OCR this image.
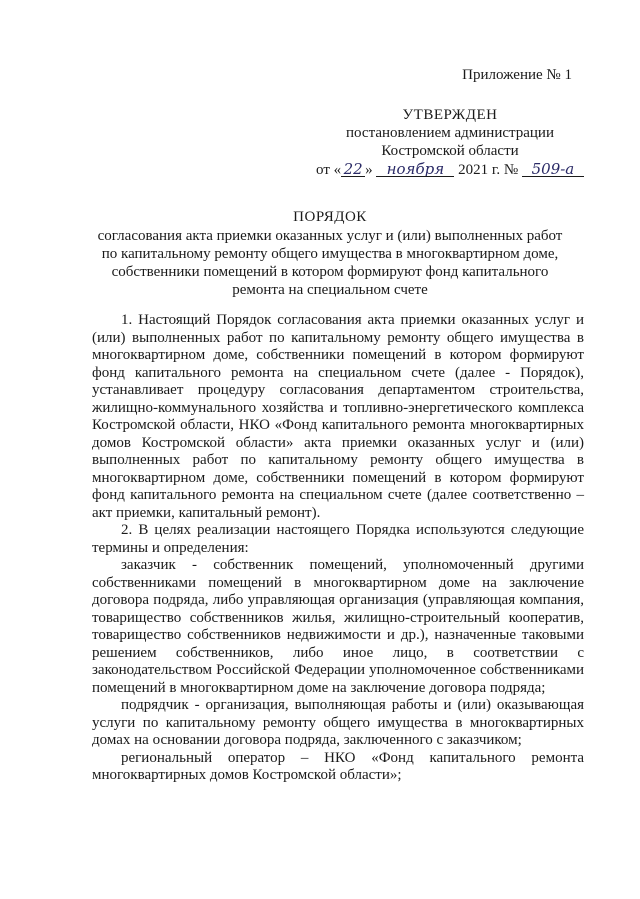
Приложение № 1
УТВЕРЖДЕН
постановлением администрации
Костромской области
от « 22 » ноября 2021 г. № 509-а
ПОРЯДОК
согласования акта приемки оказанных услуг и (или) выполненных работ
по капитальному ремонту общего имущества в многоквартирном доме,
собственники помещений в котором формируют фонд капитального
ремонта на специальном счете

1. Настоящий Порядок согласования акта приемки оказанных услуг и (или) выполненных работ по капитальному ремонту общего имущества в многоквартирном доме, собственники помещений в котором формируют фонд капитального ремонта на специальном счете (далее - Порядок), устанавливает процедуру согласования департаментом строительства, жилищно-коммунального хозяйства и топливно-энергетического комплекса Костромской области, НКО «Фонд капитального ремонта многоквартирных домов Костромской области» акта приемки оказанных услуг и (или) выполненных работ по капитальному ремонту общего имущества в многоквартирном доме, собственники помещений в котором формируют фонд капитального ремонта на специальном счете (далее соответственно – акт приемки, капитальный ремонт).

2. В целях реализации настоящего Порядка используются следующие термины и определения:

заказчик - собственник помещений, уполномоченный другими собственниками помещений в многоквартирном доме на заключение договора подряда, либо управляющая организация (управляющая компания, товарищество собственников жилья, жилищно-строительный кооператив, товарищество собственников недвижимости и др.), назначенные таковыми решением собственников, либо иное лицо, в соответствии с законодательством Российской Федерации уполномоченное собственниками помещений в многоквартирном доме на заключение договора подряда;

подрядчик - организация, выполняющая работы и (или) оказывающая услуги по капитальному ремонту общего имущества в многоквартирных домах на основании договора подряда, заключенного с заказчиком;

региональный оператор – НКО «Фонд капитального ремонта многоквартирных домов Костромской области»;
